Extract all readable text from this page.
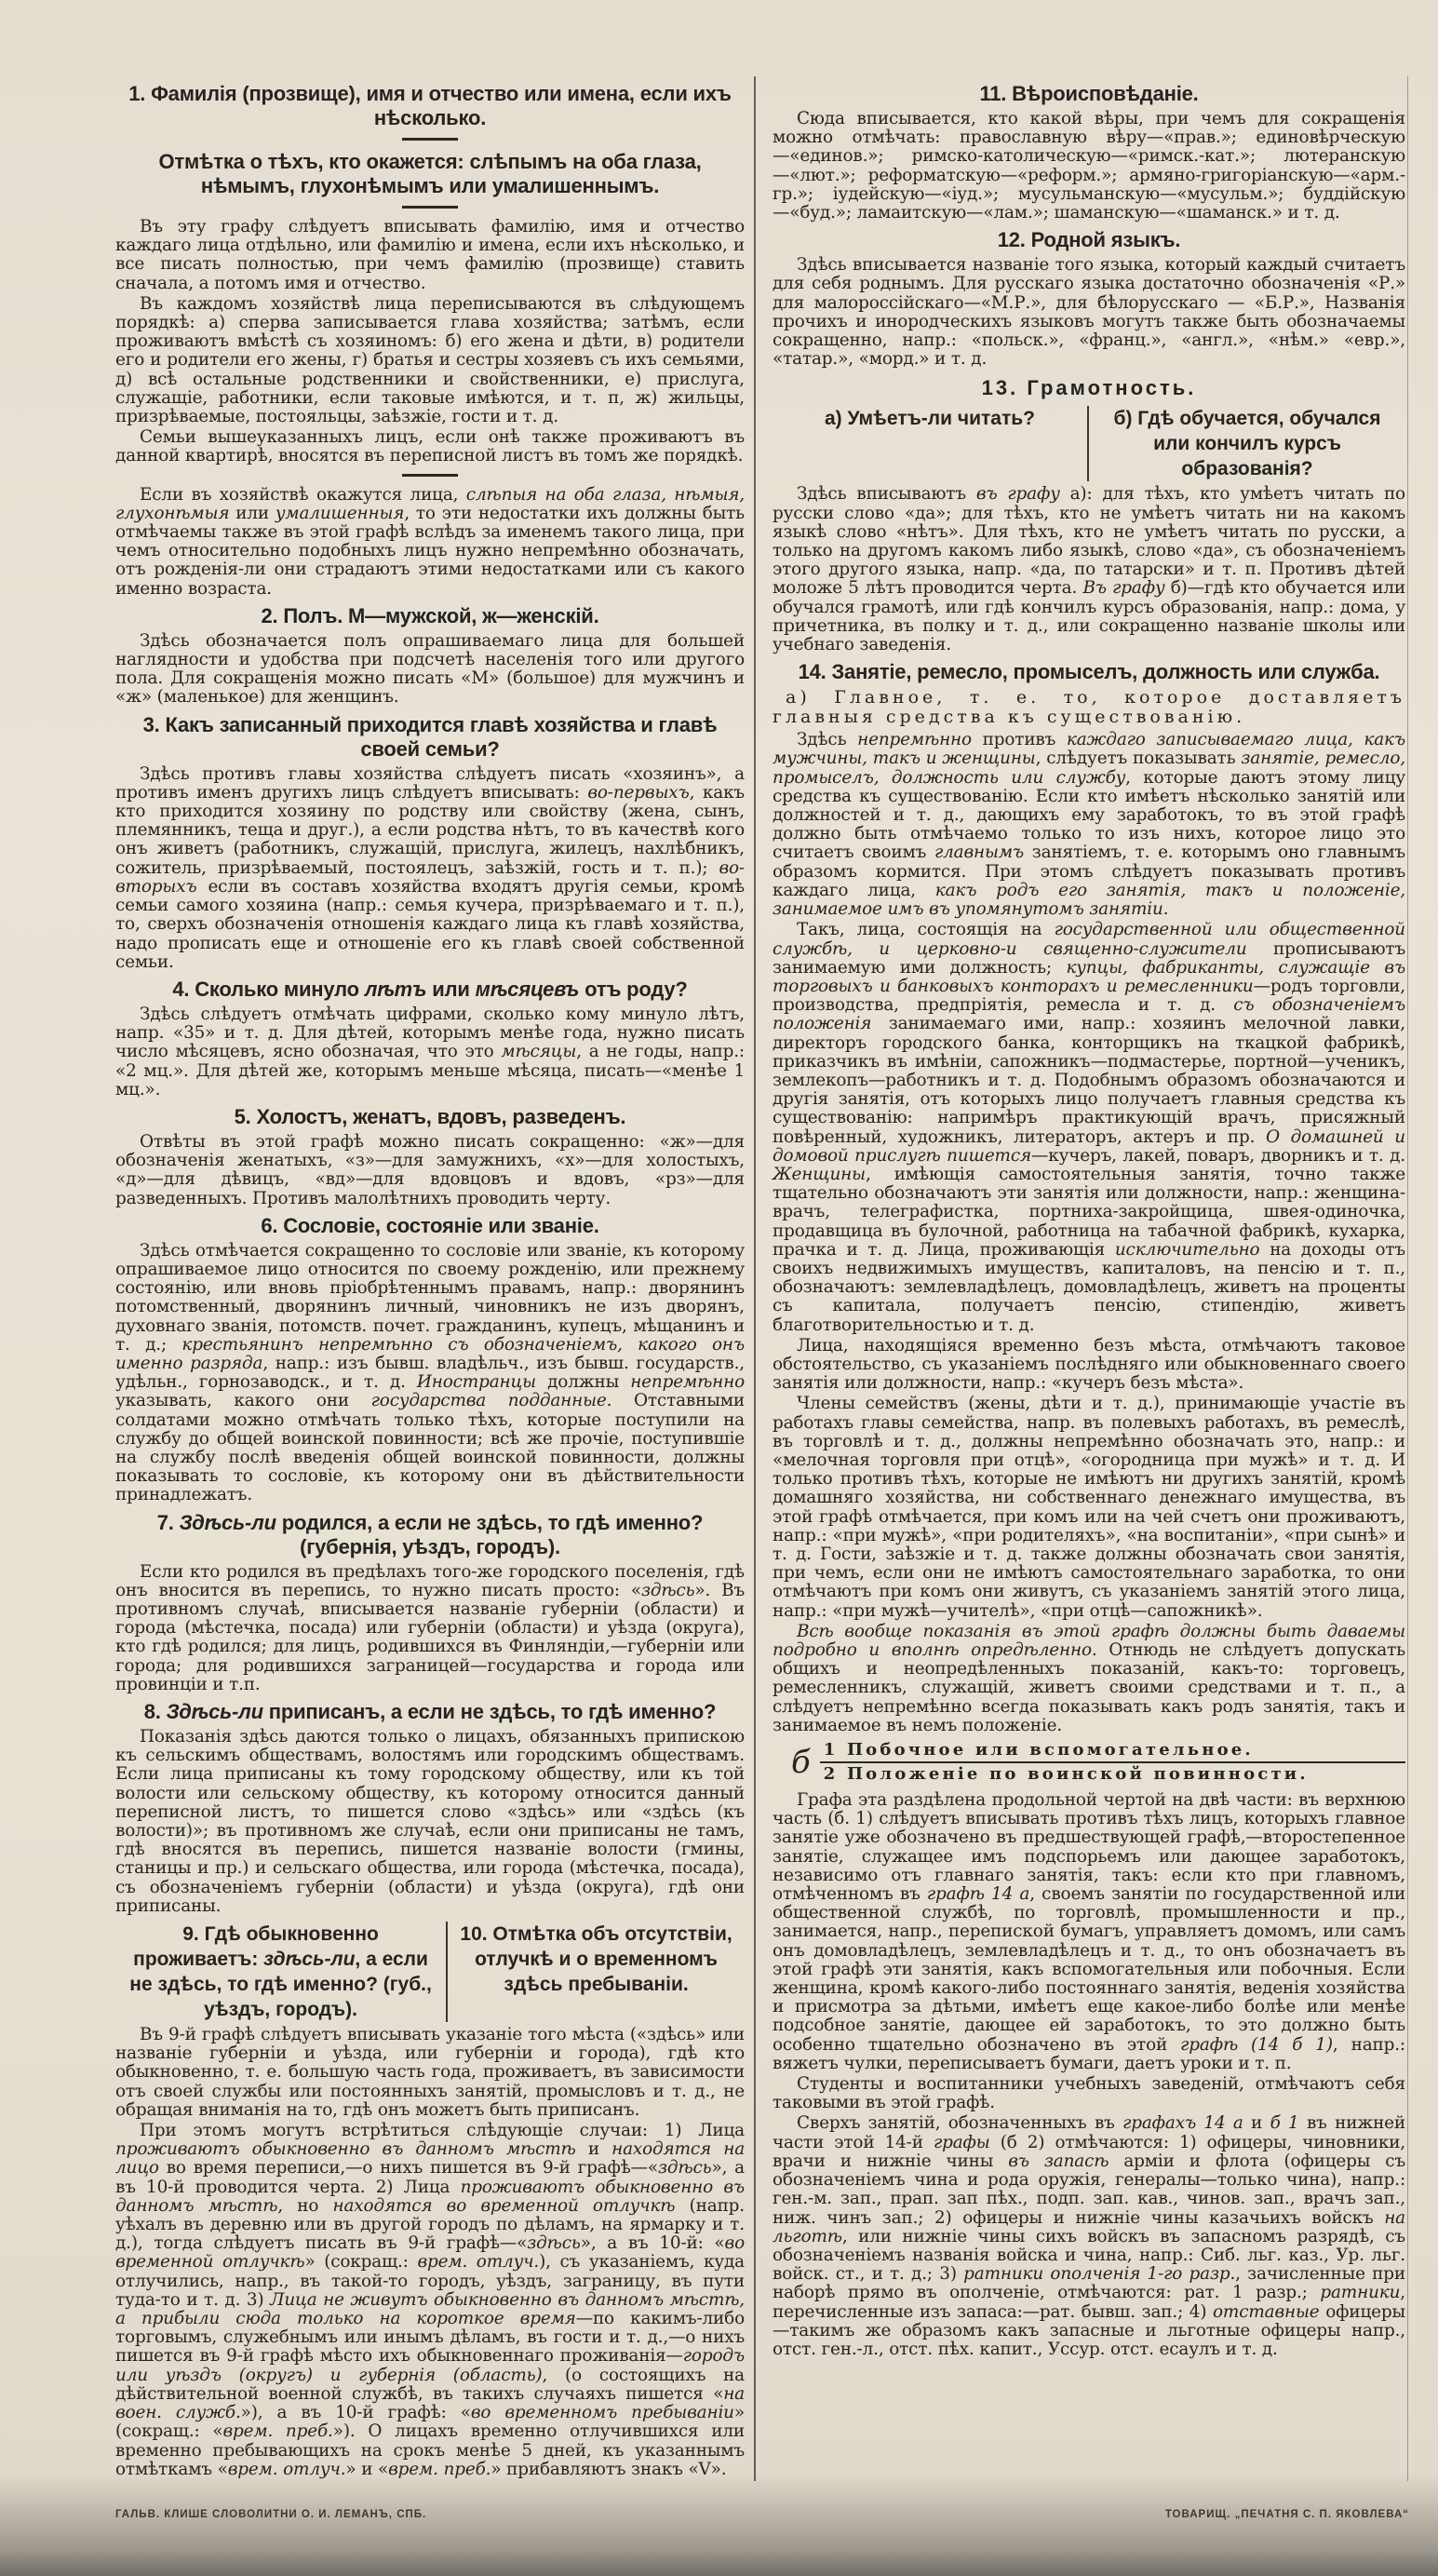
1. Фамилія (прозвище), имя и отчество или имена, если ихъ нѣсколько.
Отмѣтка о тѣхъ, кто окажется: слѣпымъ на оба глаза, нѣмымъ, глухонѣмымъ или умалишеннымъ.
Въ эту графу слѣдуетъ вписывать фамилію, имя и отчество каждаго лица отдѣльно, или фамилію и имена, если ихъ нѣсколько, и все писать полностью, при чемъ фамилію (прозвище) ставить сначала, а потомъ имя и отчество.
Въ каждомъ хозяйствѣ лица переписываются въ слѣдующемъ порядкѣ: а) сперва записывается глава хозяйства; затѣмъ, если проживаютъ вмѣстѣ съ хозяиномъ: б) его жена и дѣти, в) родители его и родители его жены, г) братья и сестры хозяевъ съ ихъ семьями, д) всѣ остальные родственники и свойственники, е) прислуга, служащіе, работники, если таковые имѣются, и т. п, ж) жильцы, призрѣваемые, постояльцы, заѣзжіе, гости и т. д.
Семьи вышеуказанныхъ лицъ, если онѣ также проживаютъ въ данной квартирѣ, вносятся въ переписной листъ въ томъ же порядкѣ.
Если въ хозяйствѣ окажутся лица, слѣпыя на оба глаза, нѣмыя, глухонѣмыя или умалишенныя, то эти недостатки ихъ должны быть отмѣчаемы также въ этой графѣ вслѣдъ за именемъ такого лица, при чемъ относительно подобныхъ лицъ нужно непремѣнно обозначать, отъ рожденія-ли они страдаютъ этими недостатками или съ какого именно возраста.
2. Полъ. М—мужской, ж—женскій.
Здѣсь обозначается полъ опрашиваемаго лица для большей наглядности и удобства при подсчетѣ населенія того или другого пола. Для сокращенія можно писать «М» (большое) для мужчинъ и «ж» (маленькое) для женщинъ.
3. Какъ записанный приходится главѣ хозяйства и главѣ своей семьи?
Здѣсь противъ главы хозяйства слѣдуетъ писать «хозяинъ», а противъ именъ другихъ лицъ слѣдуетъ вписывать: во-первыхъ, какъ кто приходится хозяину по родству или свойству (жена, сынъ, племянникъ, теща и друг.), а если родства нѣтъ, то въ качествѣ кого онъ живетъ (работникъ, служащій, прислуга, жилецъ, нахлѣбникъ, сожитель, призрѣваемый, постоялецъ, заѣзжій, гость и т. п.); во-вторыхъ если въ составъ хозяйства входятъ другія семьи, кромѣ семьи самого хозяина (напр.: семья кучера, призрѣваемаго и т. п.), то, сверхъ обозначенія отношенія каждаго лица къ главѣ хозяйства, надо прописать еще и отношеніе его къ главѣ своей собственной семьи.
4. Сколько минуло лѣтъ или мѣсяцевъ отъ роду?
Здѣсь слѣдуетъ отмѣчать цифрами, сколько кому минуло лѣтъ, напр. «35» и т. д. Для дѣтей, которымъ менѣе года, нужно писать число мѣсяцевъ, ясно обозначая, что это мѣсяцы, а не годы, напр.: «2 мц.». Для дѣтей же, которымъ меньше мѣсяца, писать—«менѣе 1 мц.».
5. Холостъ, женатъ, вдовъ, разведенъ.
Отвѣты въ этой графѣ можно писать сокращенно: «ж»—для обозначенія женатыхъ, «з»—для замужнихъ, «х»—для холостыхъ, «д»—для дѣвицъ, «вд»—для вдовцовъ и вдовъ, «рз»—для разведенныхъ. Противъ малолѣтнихъ проводить черту.
6. Сословіе, состояніе или званіе.
Здѣсь отмѣчается сокращенно то сословіе или званіе, къ которому опрашиваемое лицо относится по своему рожденію, или прежнему состоянію, или вновь пріобрѣтеннымъ правамъ, напр.: дворянинъ потомственный, дворянинъ личный, чиновникъ не изъ дворянъ, духовнаго званія, потомств. почет. гражданинъ, купецъ, мѣщанинъ и т. д.; крестьянинъ непремѣнно съ обозначеніемъ, какого онъ именно разряда, напр.: изъ бывш. владѣльч., изъ бывш. государств., удѣльн., горнозаводск., и т. д. Иностранцы должны непремѣнно указывать, какого они государства подданные. Отставными солдатами можно отмѣчать только тѣхъ, которые поступили на службу до общей воинской повинности; всѣ же прочіе, поступившіе на службу послѣ введенія общей воинской повинности, должны показывать то сословіе, къ которому они въ дѣйствительности принадлежатъ.
7. Здѣсь-ли родился, а если не здѣсь, то гдѣ именно? (губернія, уѣздъ, городъ).
Если кто родился въ предѣлахъ того-же городского поселенія, гдѣ онъ вносится въ перепись, то нужно писать просто: «здѣсь». Въ противномъ случаѣ, вписывается названіе губерніи (области) и города (мѣстечка, посада) или губерніи (области) и уѣзда (округа), кто гдѣ родился; для лицъ, родившихся въ Финляндіи,—губерніи или города; для родившихся заграницей—государства и города или провинціи и т.п.
8. Здѣсь-ли приписанъ, а если не здѣсь, то гдѣ именно?
Показанія здѣсь даются только о лицахъ, обязанныхъ припискою къ сельскимъ обществамъ, волостямъ или городскимъ обществамъ. Если лица приписаны къ тому городскому обществу, или къ той волости или сельскому обществу, къ которому относится данный переписной листъ, то пишется слово «здѣсь» или «здѣсь (къ волости)»; въ противномъ же случаѣ, если они приписаны не тамъ, гдѣ вносятся въ перепись, пишется названіе волости (гмины, станицы и пр.) и сельскаго общества, или города (мѣстечка, посада), съ обозначеніемъ губерніи (области) и уѣзда (округа), гдѣ они приписаны.
9. Гдѣ обыкновенно проживаетъ: здѣсь-ли, а если не здѣсь, то гдѣ именно? (губ., уѣздъ, городъ).
10. Отмѣтка объ отсутствіи, отлучкѣ и о временномъ здѣсь пребываніи.
Въ 9-й графѣ слѣдуетъ вписывать указаніе того мѣста («здѣсь» или названіе губерніи и уѣзда, или губерніи и города), гдѣ кто обыкновенно, т. е. большую часть года, проживаетъ, въ зависимости отъ своей службы или постоянныхъ занятій, промысловъ и т. д., не обращая вниманія на то, гдѣ онъ можетъ быть приписанъ.
При этомъ могутъ встрѣтиться слѣдующіе случаи: 1) Лица проживаютъ обыкновенно въ данномъ мѣстѣ и находятся на лицо во время переписи,—о нихъ пишется въ 9-й графѣ—«здѣсь», а въ 10-й проводится черта. 2) Лица проживаютъ обыкновенно въ данномъ мѣстѣ, но находятся во временной отлучкѣ (напр. уѣхалъ въ деревню или въ другой городъ по дѣламъ, на ярмарку и т. д.), тогда слѣдуетъ писать въ 9-й графѣ—«здѣсь», а въ 10-й: «во временной отлучкѣ» (сокращ.: врем. отлуч.), съ указаніемъ, куда отлучились, напр., въ такой-то городъ, уѣздъ, заграницу, въ пути туда-то и т. д. 3) Лица не живутъ обыкновенно въ данномъ мѣстѣ, а прибыли сюда только на короткое время—по какимъ-либо торговымъ, служебнымъ или инымъ дѣламъ, въ гости и т. д.,—о нихъ пишется въ 9-й графѣ мѣсто ихъ обыкновеннаго проживанія—городъ или уѣздъ (округъ) и губернія (область), (о состоящихъ на дѣйствительной военной службѣ, въ такихъ случаяхъ пишется «на воен. служб.»), а въ 10-й графѣ: «во временномъ пребываніи» (сокращ.: «врем. преб.»). О лицахъ временно отлучившихся или временно пребывающихъ на срокъ менѣе 5 дней, къ указаннымъ отмѣткамъ «врем. отлуч.» и «врем. преб.» прибавляютъ знакъ «V».
11. Вѣроисповѣданіе.
Сюда вписывается, кто какой вѣры, при чемъ для сокращенія можно отмѣчать: православную вѣру—«прав.»; единовѣрческую—«единов.»; римско-католическую—«римск.-кат.»; лютеранскую—«лют.»; реформатскую—«реформ.»; армяно-григоріанскую—«арм.-гр.»; іудейскую—«іуд.»; мусульманскую—«мусульм.»; буддійскую—«буд.»; ламаитскую—«лам.»; шаманскую—«шаманск.» и т. д.
12. Родной языкъ.
Здѣсь вписывается названіе того языка, который каждый считаетъ для себя роднымъ. Для русскаго языка достаточно обозначенія «Р.» для малороссійскаго—«М.Р.», для бѣлорусскаго — «Б.Р.», Названія прочихъ и инородческихъ языковъ могутъ также быть обозначаемы сокращенно, напр.: «польск.», «франц.», «англ.», «нѣм.» «евр.», «татар.», «морд.» и т. д.
13. Грамотность.
а) Умѣетъ-ли читать?	б) Гдѣ обучается, обучался или кончилъ курсъ образованія?
Здѣсь вписываютъ въ графу а): для тѣхъ, кто умѣетъ читать по русски слово «да»; для тѣхъ, кто не умѣетъ читать ни на какомъ языкѣ слово «нѣтъ». Для тѣхъ, кто не умѣетъ читать по русски, а только на другомъ какомъ либо языкѣ, слово «да», съ обозначеніемъ этого другого языка, напр. «да, по татарски» и т. п. Противъ дѣтей моложе 5 лѣтъ проводится черта. Въ графу б)—гдѣ кто обучается или обучался грамотѣ, или гдѣ кончилъ курсъ образованія, напр.: дома, у причетника, въ полку и т. д., или сокращенно названіе школы или учебнаго заведенія.
14. Занятіе, ремесло, промыселъ, должность или служба.
а) Главное, т. е. то, которое доставляетъ главныя средства къ существованію.
Здѣсь непремѣнно противъ каждаго записываемаго лица, какъ мужчины, такъ и женщины, слѣдуетъ показывать занятіе, ремесло, промыселъ, должность или службу, которые даютъ этому лицу средства къ существованію. Если кто имѣетъ нѣсколько занятій или должностей и т. д., дающихъ ему заработокъ, то въ этой графѣ должно быть отмѣчаемо только то изъ нихъ, которое лицо это считаетъ своимъ главнымъ занятіемъ, т. е. которымъ оно главнымъ образомъ кормится. При этомъ слѣдуетъ показывать противъ каждаго лица, какъ родъ его занятія, такъ и положеніе, занимаемое имъ въ упомянутомъ занятіи.
Такъ, лица, состоящія на государственной или общественной службѣ, и церковно-и священно-служители прописываютъ занимаемую ими должность; купцы, фабриканты, служащіе въ торговыхъ и банковыхъ конторахъ и ремесленники—родъ торговли, производства, предпріятія, ремесла и т. д. съ обозначеніемъ положенія занимаемаго ими, напр.: хозяинъ мелочной лавки, директоръ городского банка, конторщикъ на ткацкой фабрикѣ, приказчикъ въ имѣніи, сапожникъ—подмастерье, портной—ученикъ, землекопъ—работникъ и т. д. Подобнымъ образомъ обозначаются и другія занятія, отъ которыхъ лицо получаетъ главныя средства къ существованію: напримѣръ практикующій врачъ, присяжный повѣренный, художникъ, литераторъ, актеръ и пр. О домашней и домовой прислугѣ пишется—кучеръ, лакей, поваръ, дворникъ и т. д. Женщины, имѣющія самостоятельныя занятія, точно также тщательно обозначаютъ эти занятія или должности, напр.: женщина-врачъ, телеграфистка, портниха-закройщица, швея-одиночка, продавщица въ булочной, работница на табачной фабрикѣ, кухарка, прачка и т. д. Лица, проживающія исключительно на доходы отъ своихъ недвижимыхъ имуществъ, капиталовъ, на пенсію и т. п., обозначаютъ: землевладѣлецъ, домовладѣлецъ, живетъ на проценты съ капитала, получаетъ пенсію, стипендію, живетъ благотворительностью и т. д.
Лица, находящіяся временно безъ мѣста, отмѣчаютъ таковое обстоятельство, съ указаніемъ послѣдняго или обыкновеннаго своего занятія или должности, напр.: «кучеръ безъ мѣста».
Члены семействъ (жены, дѣти и т. д.), принимающіе участіе въ работахъ главы семейства, напр. въ полевыхъ работахъ, въ ремеслѣ, въ торговлѣ и т. д., должны непремѣнно обозначать это, напр.: и «мелочная торговля при отцѣ», «огородница при мужѣ» и т. д. И только противъ тѣхъ, которые не имѣютъ ни другихъ занятій, кромѣ домашняго хозяйства, ни собственнаго денежнаго имущества, въ этой графѣ отмѣчается, при комъ или на чей счетъ они проживаютъ, напр.: «при мужѣ», «при родителяхъ», «на воспитаніи», «при сынѣ» и т. д. Гости, заѣзжіе и т. д. также должны обозначать свои занятія, при чемъ, если они не имѣютъ самостоятельнаго заработка, то они отмѣчаютъ при комъ они живутъ, съ указаніемъ занятій этого лица, напр.: «при мужѣ—учителѣ», «при отцѣ—сапожникѣ».
Всѣ вообще показанія въ этой графѣ должны быть даваемы подробно и вполнѣ опредѣленно. Отнюдь не слѣдуетъ допускать общихъ и неопредѣленныхъ показаній, какъ-то: торговецъ, ремесленникъ, служащій, живетъ своими средствами и т. п., а слѣдуетъ непремѣнно всегда показывать какъ родъ занятія, такъ и занимаемое въ немъ положеніе.
б 1 Побочное или вспомогательное.
2 Положеніе по воинской повинности.
Графа эта раздѣлена продольной чертой на двѣ части: въ верхнюю часть (б. 1) слѣдуетъ вписывать противъ тѣхъ лицъ, которыхъ главное занятіе уже обозначено въ предшествующей графѣ,—второстепенное занятіе, служащее имъ подспорьемъ или дающее заработокъ, независимо отъ главнаго занятія, такъ: если кто при главномъ, отмѣченномъ въ графѣ 14 а, своемъ занятіи по государственной или общественной службѣ, по торговлѣ, промышленности и пр., занимается, напр., перепиской бумагъ, управляетъ домомъ, или самъ онъ домовладѣлецъ, землевладѣлецъ и т. д., то онъ обозначаетъ въ этой графѣ эти занятія, какъ вспомогательныя или побочныя. Если женщина, кромѣ какого-либо постояннаго занятія, веденія хозяйства и присмотра за дѣтьми, имѣетъ еще какое-либо болѣе или менѣе подсобное занятіе, дающее ей заработокъ, то это должно быть особенно тщательно обозначено въ этой графѣ (14 б 1), напр.: вяжетъ чулки, переписываетъ бумаги, даетъ уроки и т. п.
Студенты и воспитанники учебныхъ заведеній, отмѣчаютъ себя таковыми въ этой графѣ.
Сверхъ занятій, обозначенныхъ въ графахъ 14 а и б 1 въ нижней части этой 14-й графы (б 2) отмѣчаются: 1) офицеры, чиновники, врачи и нижніе чины въ запасѣ арміи и флота (офицеры съ обозначеніемъ чина и рода оружія, генералы—только чина), напр.: ген.-м. зап., прап. зап пѣх., подп. зап. кав., чинов. зап., врачъ зап., ниж. чинъ зап.; 2) офицеры и нижніе чины казачьихъ войскъ на льготѣ, или нижніе чины сихъ войскъ въ запасномъ разрядѣ, съ обозначеніемъ названія войска и чина, напр.: Сиб. льг. каз., Ур. льг. войск. ст., и т. д.; 3) ратники ополченія 1-го разр., зачисленные при наборѣ прямо въ ополченіе, отмѣчаются: рат. 1 разр.; ратники, перечисленные изъ запаса:—рат. бывш. зап.; 4) отставные офицеры—такимъ же образомъ какъ запасные и льготные офицеры напр., отст. ген.-л., отст. пѣх. капит., Уссур. отст. есаулъ и т. д.
ГАЛЬВ. КЛИШЕ СЛОВОЛИТНИ О. И. ЛЕМАНЪ, СПБ.	ТОВАРИЩ. „ПЕЧАТНЯ С. П. ЯКОВЛЕВА“
